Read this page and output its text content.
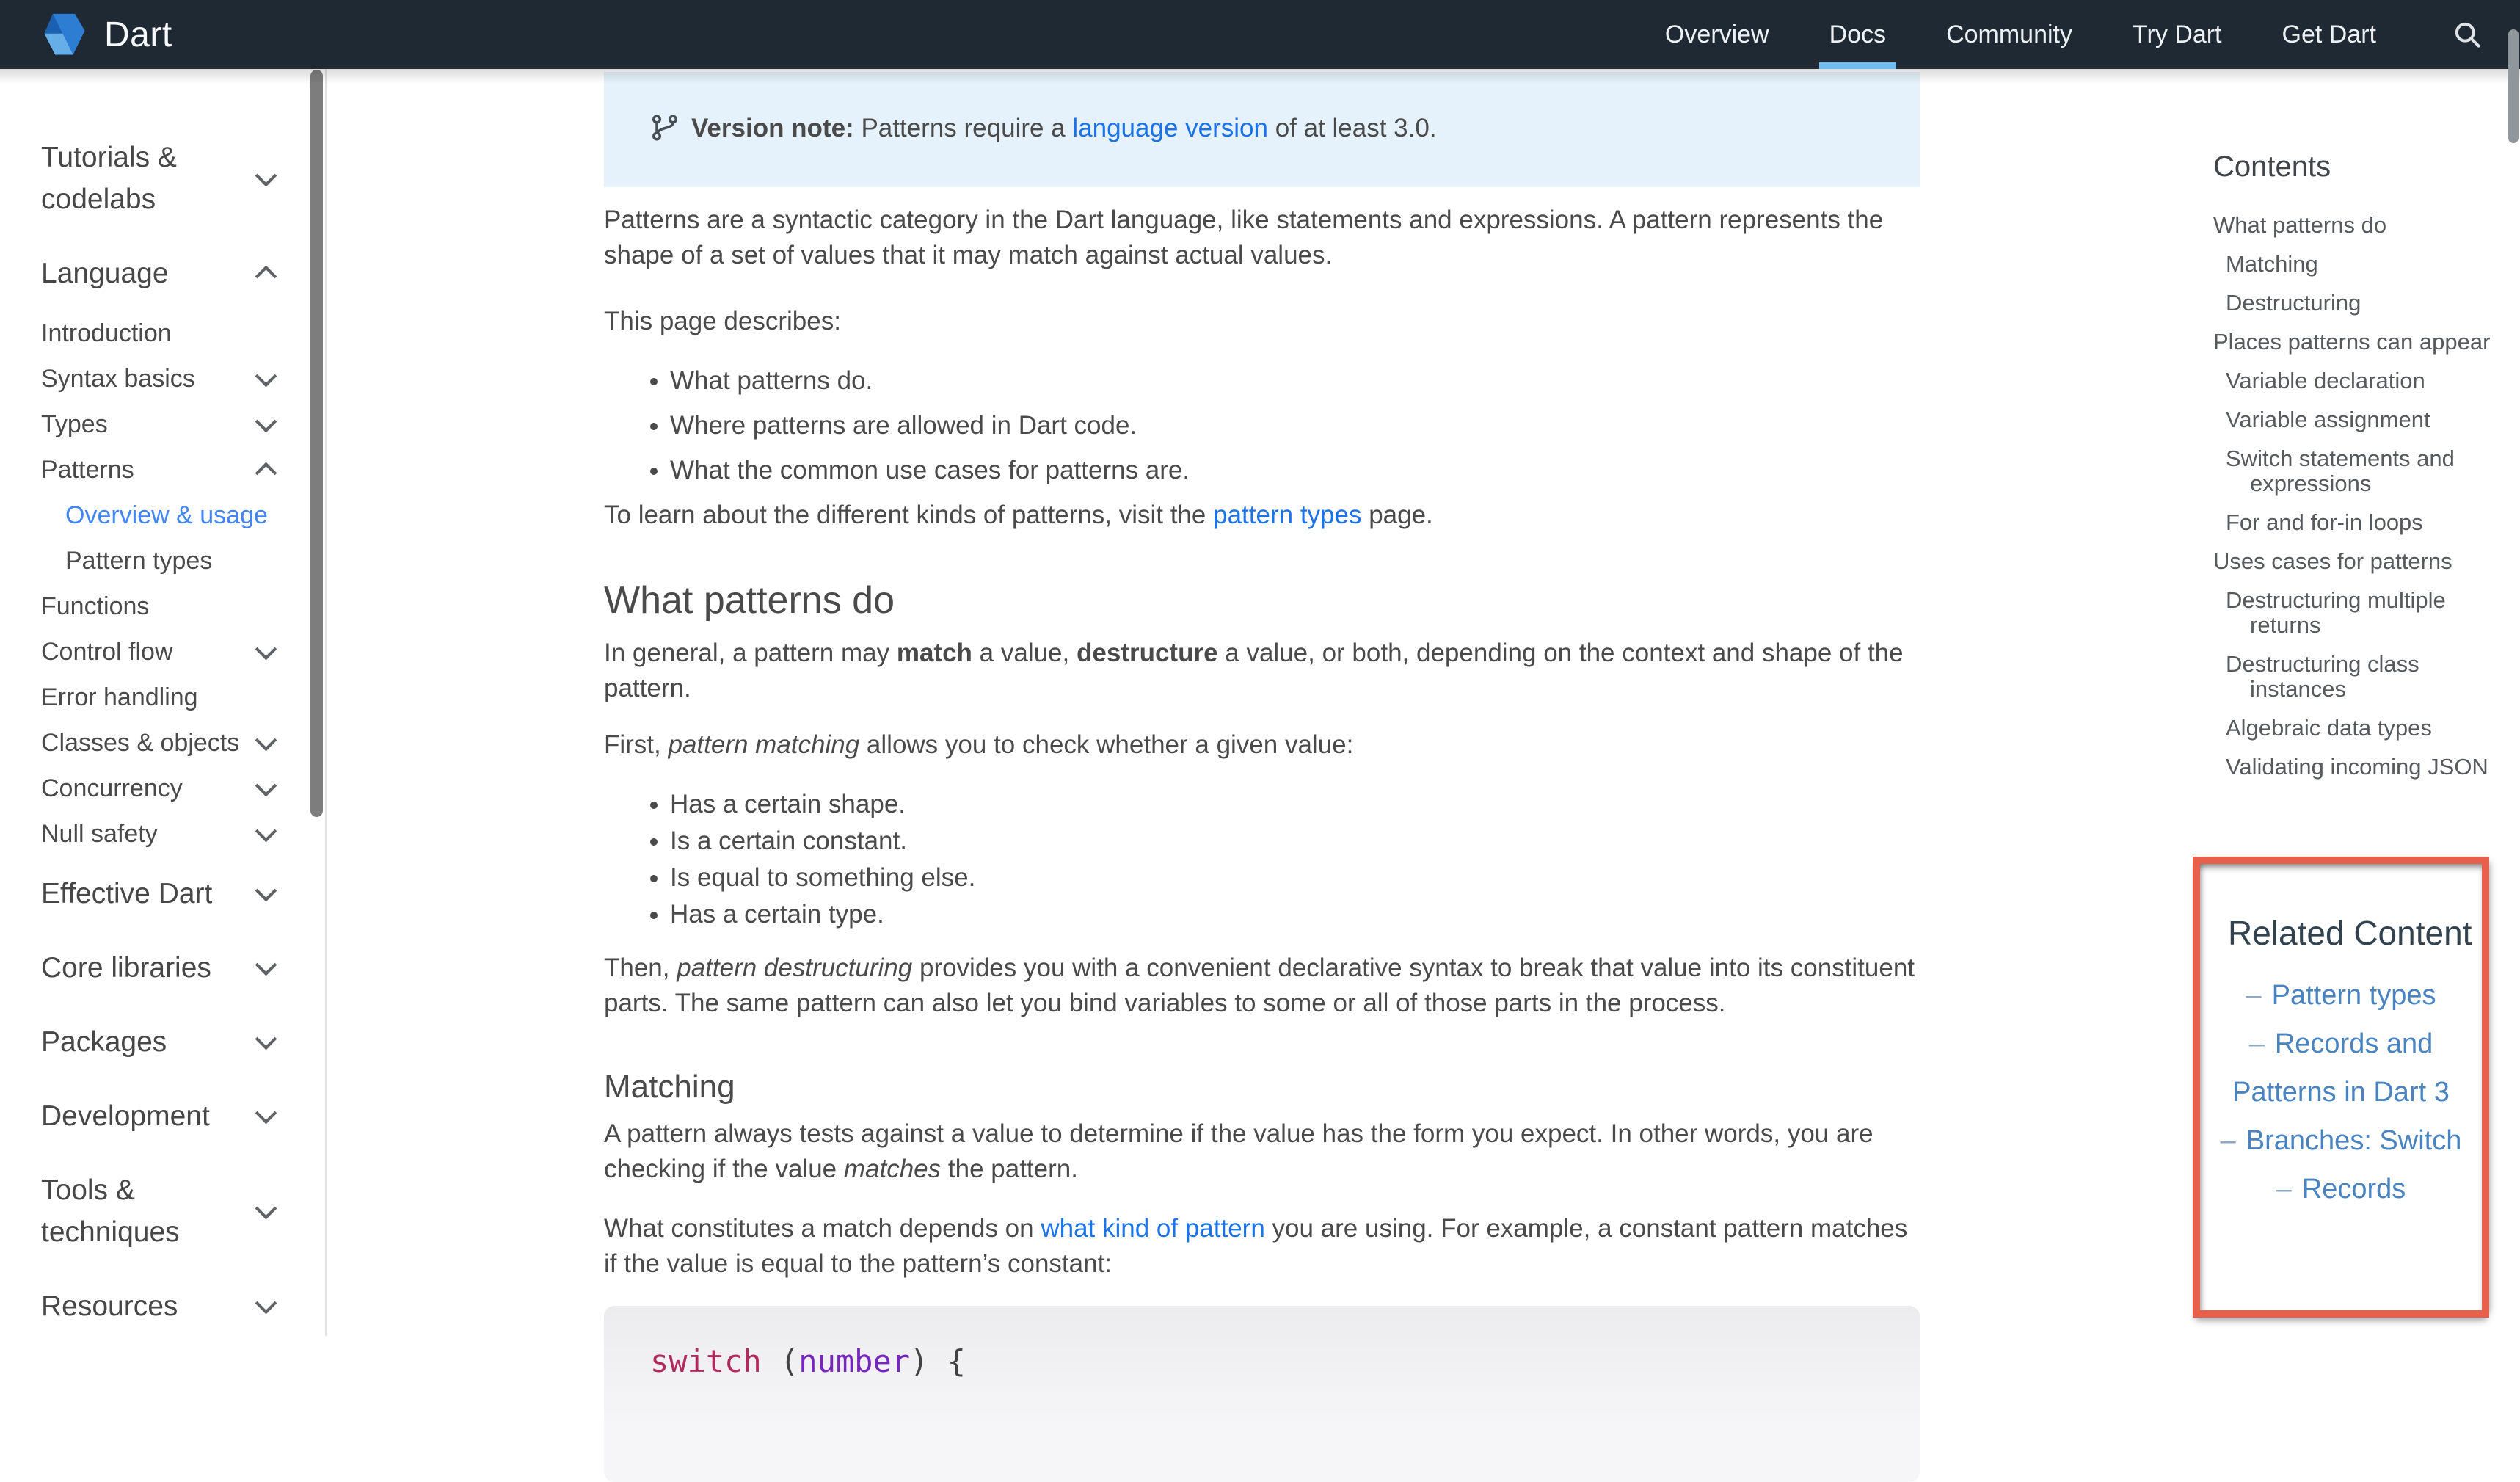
Dart	Overview Docs Community Try Dart Get Dart
Tutorials & codelabs
Language
Introduction
Syntax basics
Types
Patterns
Overview & usage
Pattern types
Functions
Control flow
Error handling
Classes & objects
Concurrency
Null safety
Effective Dart
Core libraries
Packages
Development
Tools & techniques
Resources

Version note: Patterns require a language version of at least 3.0.

Patterns are a syntactic category in the Dart language, like statements and expressions. A pattern represents the shape of a set of values that it may match against actual values.

This page describes:

• What patterns do.
• Where patterns are allowed in Dart code.
• What the common use cases for patterns are.

To learn about the different kinds of patterns, visit the pattern types page.

What patterns do

In general, a pattern may match a value, destructure a value, or both, depending on the context and shape of the pattern.

First, pattern matching allows you to check whether a given value:

• Has a certain shape.
• Is a certain constant.
• Is equal to something else.
• Has a certain type.

Then, pattern destructuring provides you with a convenient declarative syntax to break that value into its constituent parts. The same pattern can also let you bind variables to some or all of those parts in the process.

Matching

A pattern always tests against a value to determine if the value has the form you expect. In other words, you are checking if the value matches the pattern.

What constitutes a match depends on what kind of pattern you are using. For example, a constant pattern matches if the value is equal to the pattern’s constant:

switch (number) {
Contents
What patterns do
Matching
Destructuring
Places patterns can appear
Variable declaration
Variable assignment
Switch statements and expressions
For and for-in loops
Uses cases for patterns
Destructuring multiple returns
Destructuring class instances
Algebraic data types
Validating incoming JSON
Related Content
– Pattern types
– Records and Patterns in Dart 3
– Branches: Switch
– Records
